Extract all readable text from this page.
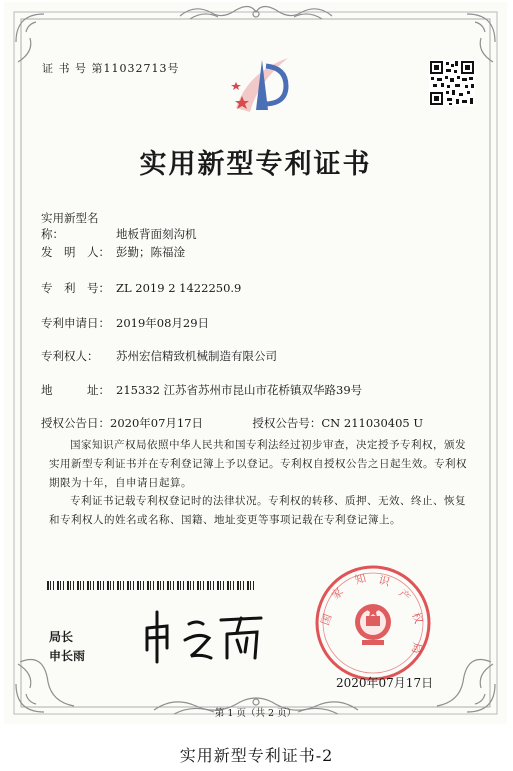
证 书 号 第11032713号
实用新型专利证书
实用新型名称：	地板背面刻沟机
发　明　人： 彭勤；陈福淦
专　利　号： ZL 2019 2 1422250.9
专利申请日： 2019年08月29日
专利权人： 苏州宏信精致机械制造有限公司
地　　　址： 215332 江苏省苏州市昆山市花桥镇双华路39号
授权公告日：2020年07月17日	授权公告号：CN 211030405 U
国家知识产权局依照中华人民共和国专利法经过初步审查，决定授予专利权，颁发实用新型专利证书并在专利登记簿上予以登记。专利权自授权公告之日起生效。专利权期限为十年，自申请日起算。
专利证书记载专利权登记时的法律状况。专利权的转移、质押、无效、终止、恢复和专利权人的姓名或名称、国籍、地址变更等事项记载在专利登记簿上。
局长
申长雨
国
家
知 识
产
权
局
2020年07月17日
第 1 页（共 2 页）
实用新型专利证书-2
